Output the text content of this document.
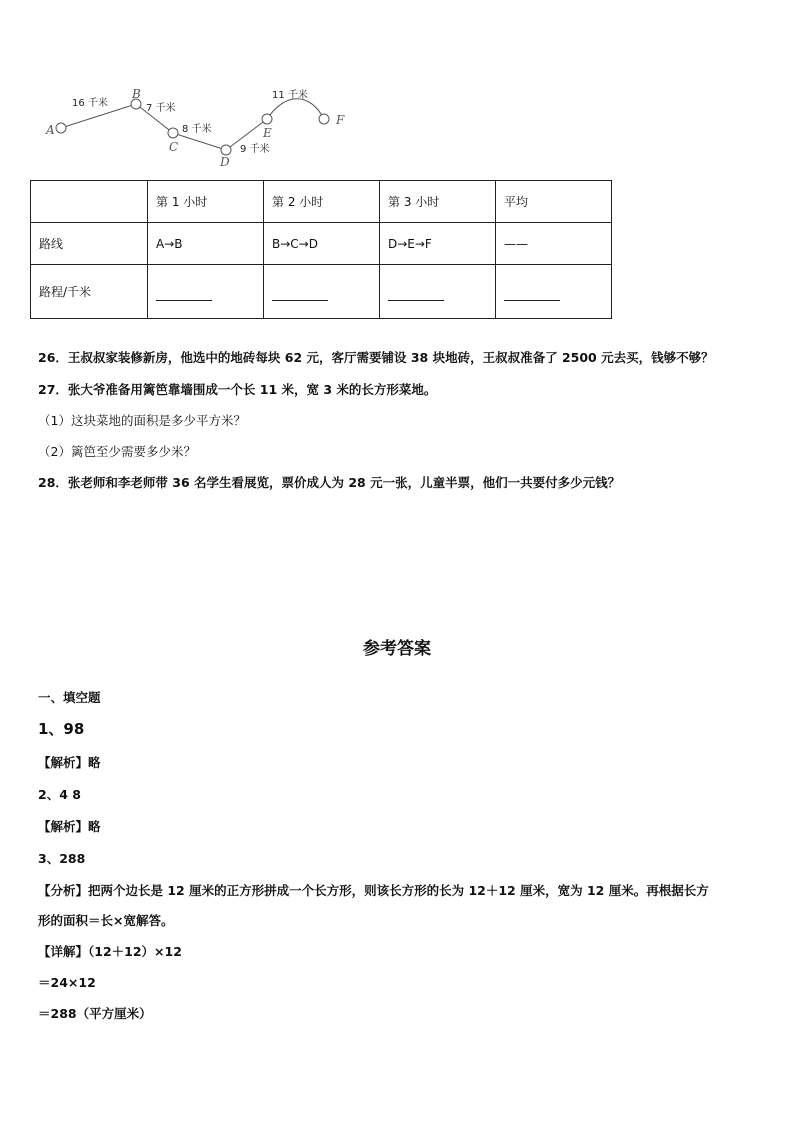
A
B
C
D
E
F
16 千米	7 千米
8 千米
9 千米
11 千米
	第 1 小时	第 2 小时	第 3 小时	平均
路线	A→B	B→C→D	D→E→F	——
路程/千米				
26．王叔叔家装修新房，他选中的地砖每块 62 元，客厅需要铺设 38 块地砖，王叔叔准备了 2500 元去买，钱够不够？
27．张大爷准备用篱笆靠墙围成一个长 11 米，宽 3 米的长方形菜地。
（1）这块菜地的面积是多少平方米？
（2）篱笆至少需要多少米？
28．张老师和李老师带 36 名学生看展览，票价成人为 28 元一张，儿童半票，他们一共要付多少元钱？
参考答案
一、填空题
1、98
【解析】略
2、4 8
【解析】略
3、288
【分析】把两个边长是 12 厘米的正方形拼成一个长方形，则该长方形的长为 12＋12 厘米，宽为 12 厘米。再根据长方
形的面积＝长×宽解答。
【详解】（12＋12）×12
＝24×12
＝288（平方厘米）
